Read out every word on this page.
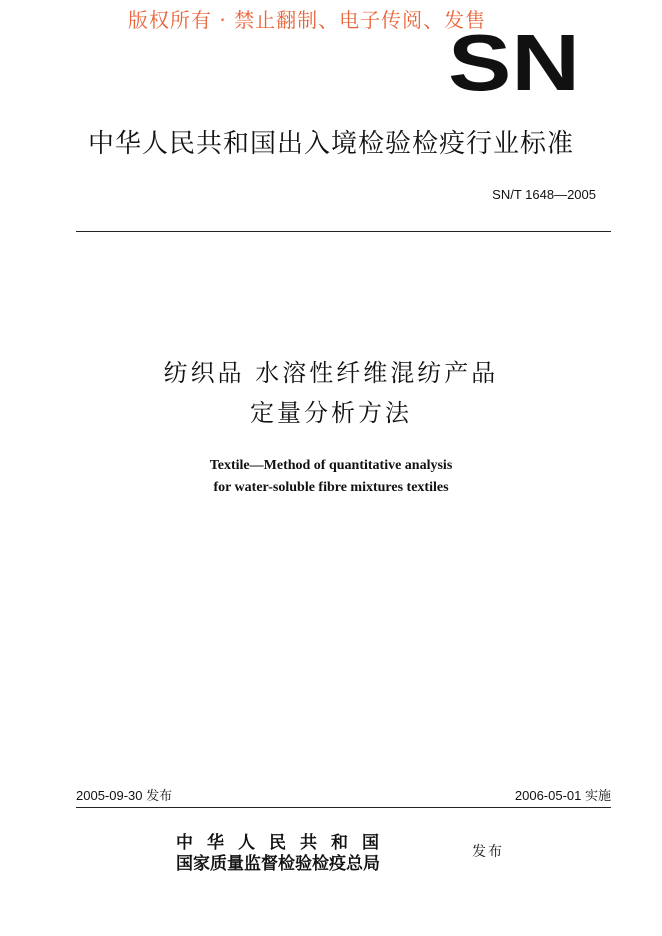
版权所有 · 禁止翻制、电子传阅、发售
SN
中华人民共和国出入境检验检疫行业标准
SN/T 1648—2005
纺织品 水溶性纤维混纺产品
定量分析方法
Textile—Method of quantitative analysis
for water-soluble fibre mixtures textiles
2005-09-30 发布	2006-05-01 实施
中华人民共和国
国家质量监督检验检疫总局
发布
